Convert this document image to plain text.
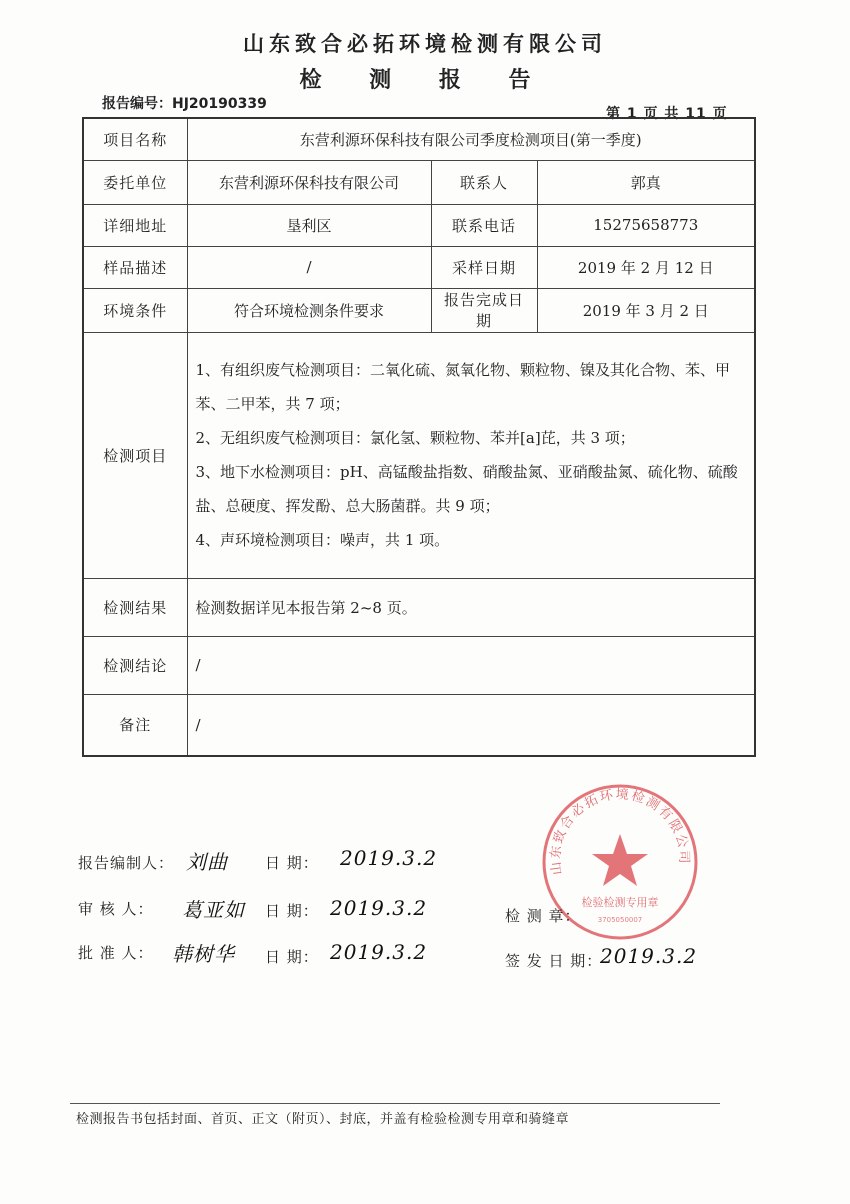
山东致合必拓环境检测有限公司
检 测 报 告
报告编号：HJ20190339
第 1 页 共 11 页
项目名称	东营利源环保科技有限公司季度检测项目(第一季度)		
委托单位	东营利源环保科技有限公司	联系人	郭真
详细地址	垦利区	联系电话	15275658773
样品描述	/	采样日期	2019 年 2 月 12 日
环境条件	符合环境检测条件要求	报告完成日期	2019 年 3 月 2 日
检测项目	1、有组织废气检测项目：二氧化硫、氮氧化物、颗粒物、镍及其化合物、苯、甲苯、二甲苯，共 7 项；
2、无组织废气检测项目：氯化氢、颗粒物、苯并[a]芘，共 3 项；
3、地下水检测项目：pH、高锰酸盐指数、硝酸盐氮、亚硝酸盐氮、硫化物、硫酸盐、总硬度、挥发酚、总大肠菌群。共 9 项；
4、声环境检测项目：噪声，共 1 项。		

检测结果	检测数据详见本报告第 2~8 页。		
检测结论	/		
备注	/		
山东致合必拓环境检测有限公司
检验检测专用章
3705050007
报告编制人： 刘曲 日 期： 2019.3.2
审 核 人： 葛亚如 日 期： 2019.3.2	检 测 章：
批 准 人： 韩树华 日 期： 2019.3.2	签 发 日 期：
2019.3.2
检测报告书包括封面、首页、正文（附页）、封底，并盖有检验检测专用章和骑缝章
